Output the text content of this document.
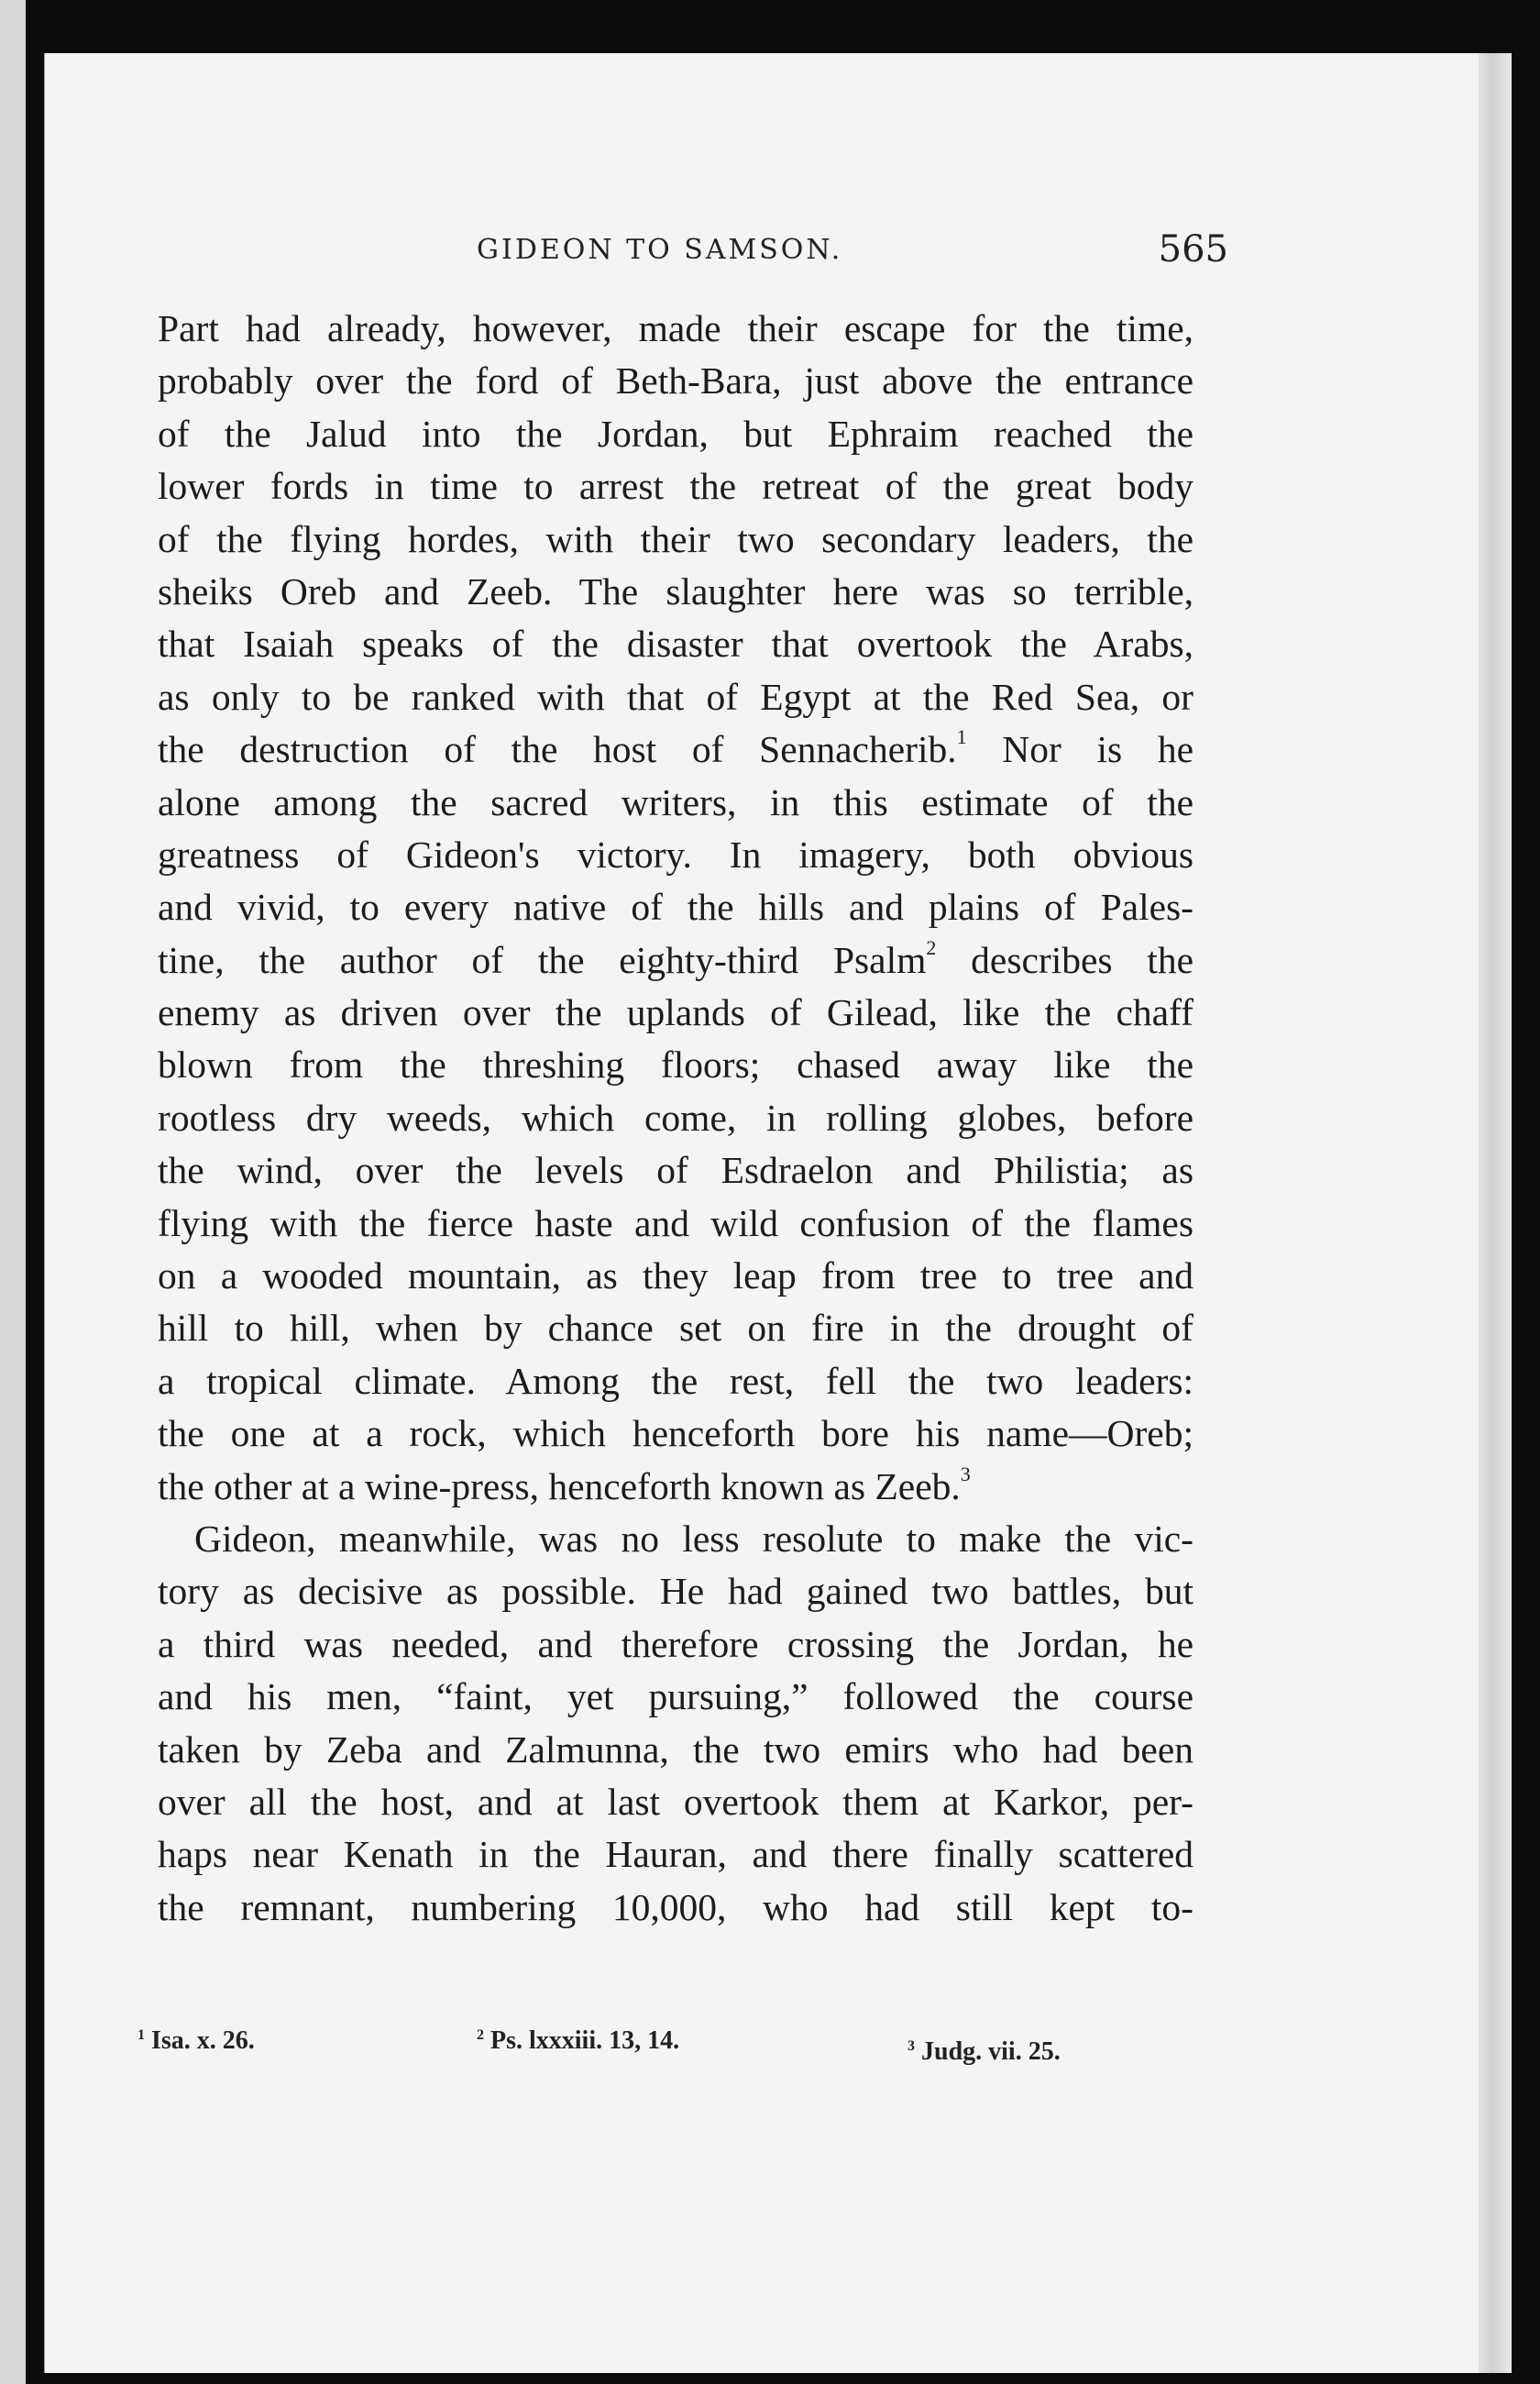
GIDEON TO SAMSON.	565
Part had already, however, made their escape for the time,
probably over the ford of Beth-Bara, just above the entrance
of the Jalud into the Jordan, but Ephraim reached the
lower fords in time to arrest the retreat of the great body
of the flying hordes, with their two secondary leaders, the
sheiks Oreb and Zeeb. The slaughter here was so terrible,
that Isaiah speaks of the disaster that overtook the Arabs,
as only to be ranked with that of Egypt at the Red Sea, or
the destruction of the host of Sennacherib.$^1$ Nor is he
alone among the sacred writers, in this estimate of the
greatness of Gideon's victory. In imagery, both obvious
and vivid, to every native of the hills and plains of Pales-
tine, the author of the eighty-third Psalm$^2$ describes the
enemy as driven over the uplands of Gilead, like the chaff
blown from the threshing floors; chased away like the
rootless dry weeds, which come, in rolling globes, before
the wind, over the levels of Esdraelon and Philistia; as
flying with the fierce haste and wild confusion of the flames
on a wooded mountain, as they leap from tree to tree and
hill to hill, when by chance set on fire in the drought of
a tropical climate. Among the rest, fell the two leaders:
the one at a rock, which henceforth bore his name—Oreb;
the other at a wine-press, henceforth known as Zeeb.$^3$
Gideon, meanwhile, was no less resolute to make the vic-
tory as decisive as possible. He had gained two battles, but
a third was needed, and therefore crossing the Jordan, he
and his men, “faint, yet pursuing,” followed the course
taken by Zeba and Zalmunna, the two emirs who had been
over all the host, and at last overtook them at Karkor, per-
haps near Kenath in the Hauran, and there finally scattered
the remnant, numbering 10,000, who had still kept to-
$^1$ Isa. x. 26.	$^2$ Ps. lxxxiii. 13, 14.	$^3$ Judg. vii. 25.
